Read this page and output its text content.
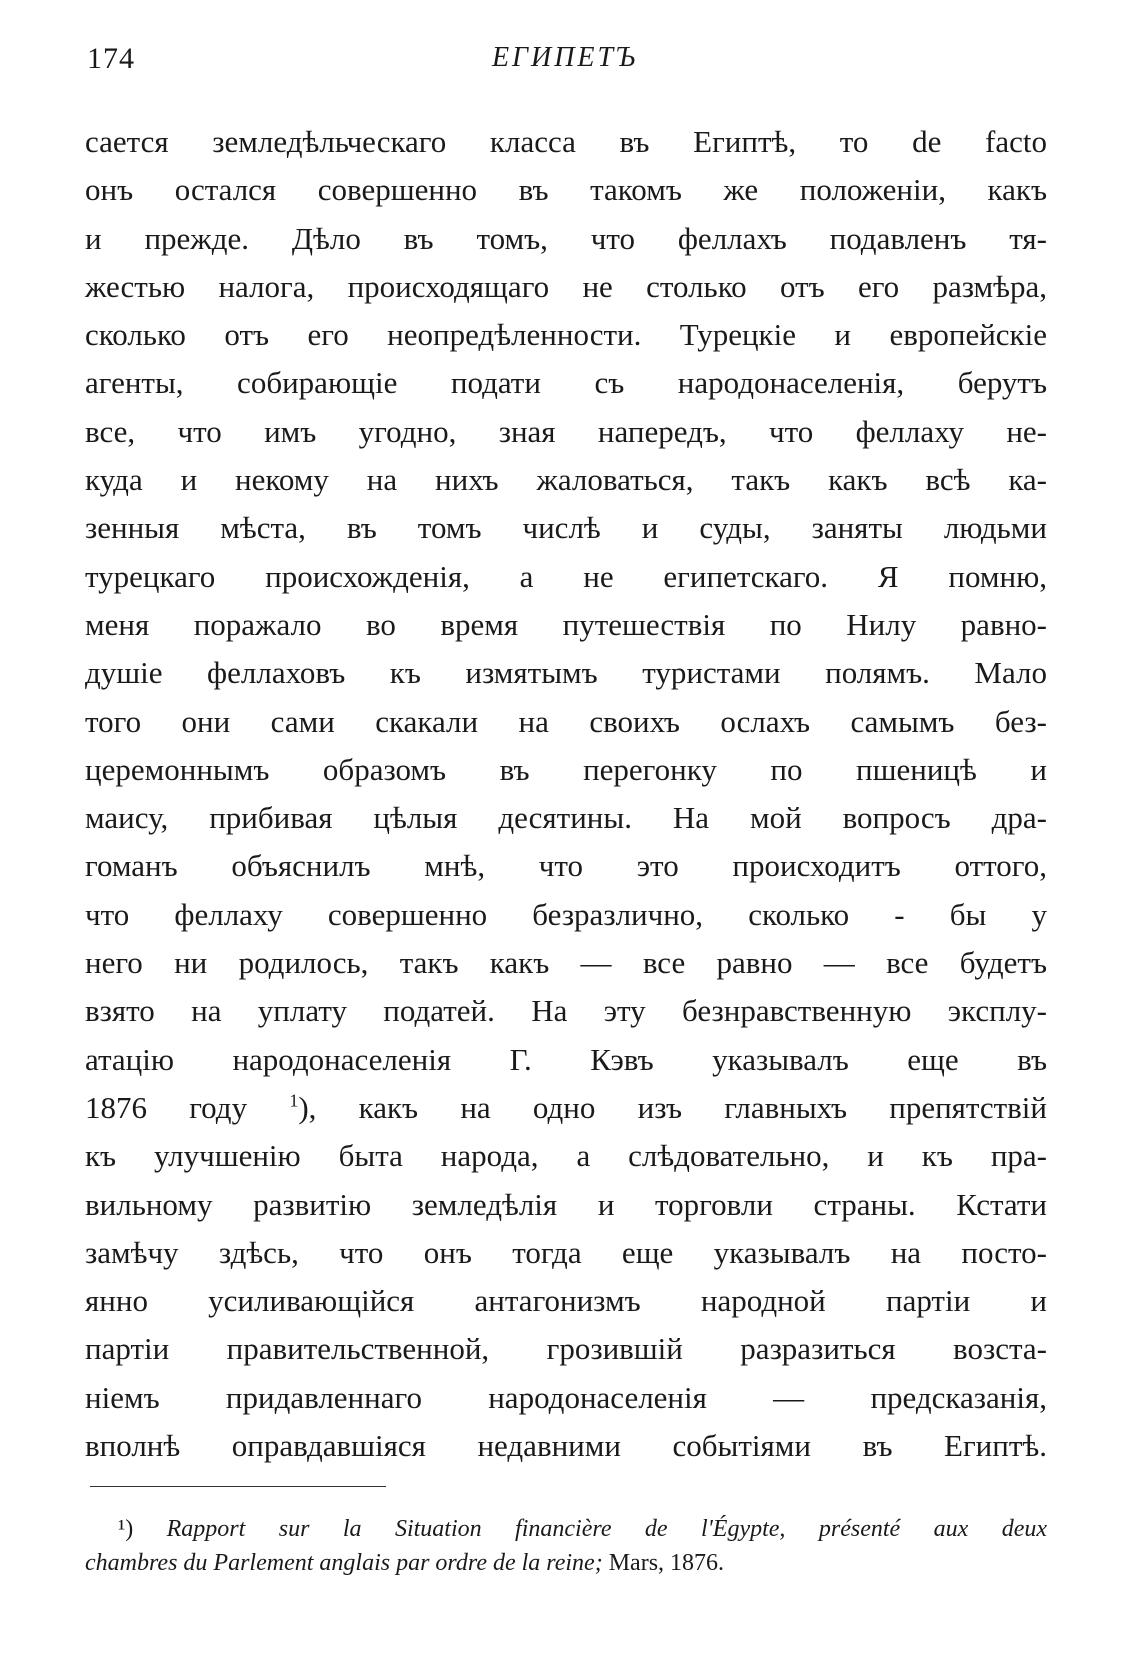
174	ЕГИПЕТЪ
сается земледѣльческаго класса въ Египтѣ, то de facto
онъ остался совершенно въ такомъ же положенiи, какъ
и прежде. Дѣло въ томъ, что феллахъ подавленъ тя-
жестью налога, происходящаго не столько отъ его размѣра,
сколько отъ его неопредѣленности. Турецкiе и европейскiе
агенты, собирающiе подати съ народонаселенiя, берутъ
все, что имъ угодно, зная напередъ, что феллаху не-
куда и некому на нихъ жаловаться, такъ какъ всѣ ка-
зенныя мѣста, въ томъ числѣ и суды, заняты людьми
турецкаго происхожденiя, а не египетскаго. Я помню,
меня поражало во время путешествiя по Нилу равно-
душiе феллаховъ къ измятымъ туристами полямъ. Мало
того они сами скакали на своихъ ослахъ самымъ без-
церемоннымъ образомъ въ перегонку по пшеницѣ и
маису, прибивая цѣлыя десятины. На мой вопросъ дра-
гоманъ объяснилъ мнѣ, что это происходитъ оттого,
что феллаху совершенно безразлично, сколько - бы у
него ни родилось, такъ какъ — все равно — все будетъ
взято на уплату податей. На эту безнравственную эксплу-
атацiю народонаселенiя Г. Кэвъ указывалъ еще въ
1876 году $^1$), какъ на одно изъ главныхъ препятствiй
къ улучшенiю быта народа, а слѣдовательно, и къ пра-
вильному развитiю земледѣлiя и торговли страны. Кстати
замѣчу здѣсь, что онъ тогда еще указывалъ на посто-
янно усиливающiйся антагонизмъ народной партiи и
партiи правительственной, грозившiй разразиться возста-
нiемъ придавленнаго народонаселенiя — предсказанiя,
вполнѣ оправдавшiяся недавними событiями въ Египтѣ.
¹) Rapport sur la Situation financière de l'Égypte, présenté aux deux
chambres du Parlement anglais par ordre de la reine; Mars, 1876.
